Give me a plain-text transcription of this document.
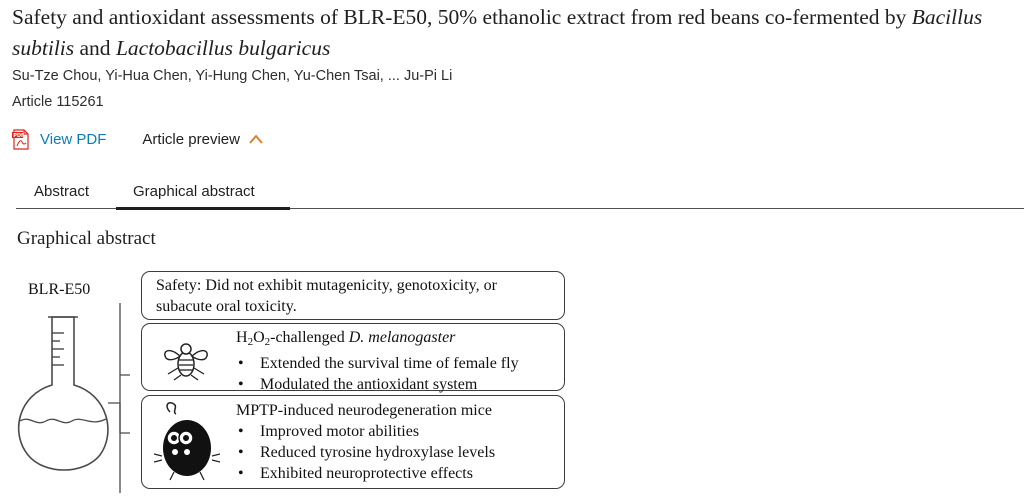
Safety and antioxidant assessments of BLR-E50, 50% ethanolic extract from red beans co-fermented by Bacillus subtilis and Lactobacillus bulgaricus
Su-Tze Chou, Yi-Hua Chen, Yi-Hung Chen, Yu-Chen Tsai, ... Ju-Pi Li
Article 115261
PDF View PDF Article preview
Abstract	Graphical abstract
Graphical abstract
BLR-E50	Safety: Did not exhibit mutagenicity, genotoxicity, or subacute oral toxicity.
$H_2O_2$-challenged D. melanogaster
• Extended the survival time of female fly
• Modulated the antioxidant system
MPTP-induced neurodegeneration mice
• Improved motor abilities
• Reduced tyrosine hydroxylase levels
• Exhibited neuroprotective effects
